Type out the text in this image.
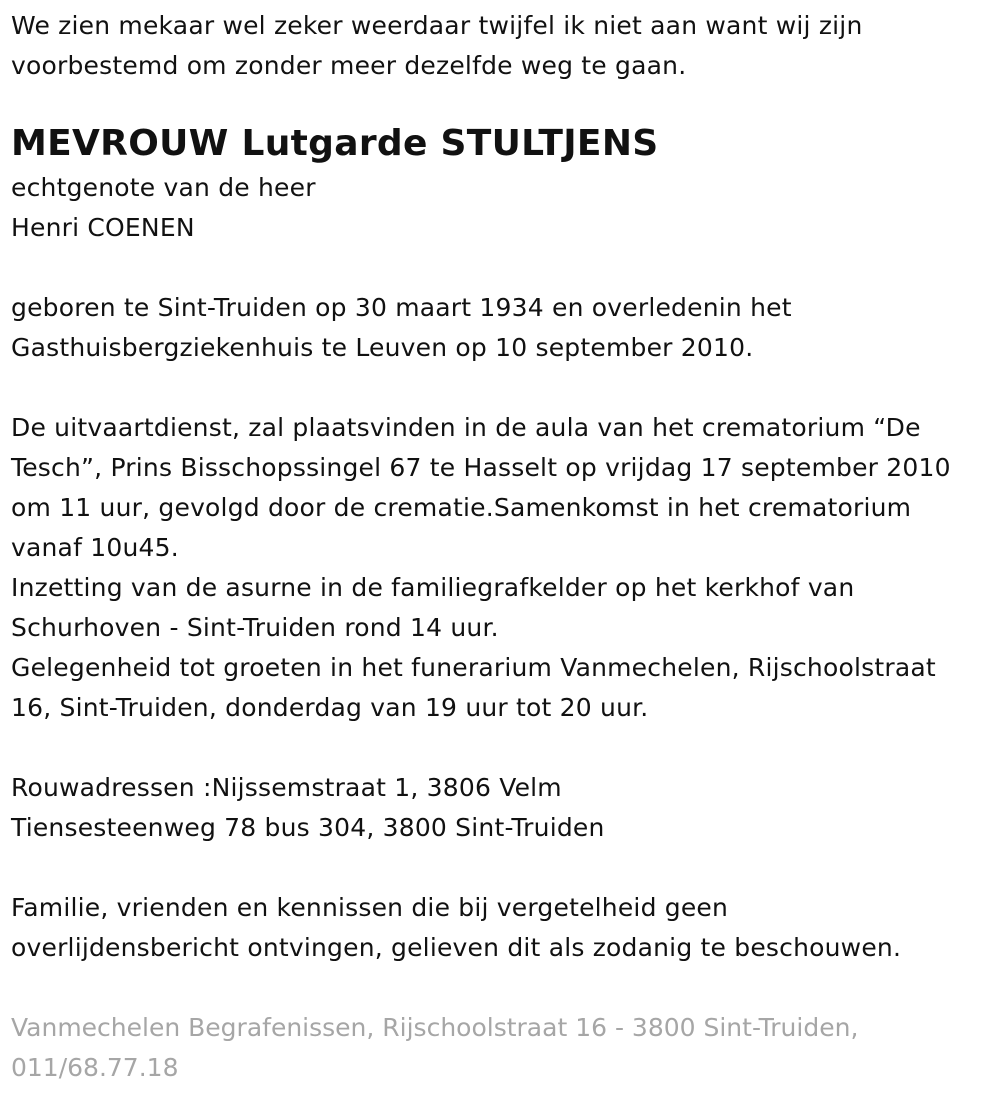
We zien mekaar wel zeker weerdaar twijfel ik niet aan want wij zijn
voorbestemd om zonder meer dezelfde weg te gaan.

MEVROUW Lutgarde STULTJENS

echtgenote van de heer
Henri COENEN

geboren te Sint-Truiden op 30 maart 1934 en overledenin het
Gasthuisbergziekenhuis te Leuven op 10 september 2010.

De uitvaartdienst, zal plaatsvinden in de aula van het crematorium “De
Tesch”, Prins Bisschopssingel 67 te Hasselt op vrijdag 17 september 2010
om 11 uur, gevolgd door de crematie.Samenkomst in het crematorium
vanaf 10u45.
Inzetting van de asurne in de familiegrafkelder op het kerkhof van
Schurhoven - Sint-Truiden rond 14 uur.
Gelegenheid tot groeten in het funerarium Vanmechelen, Rijschoolstraat
16, Sint-Truiden, donderdag van 19 uur tot 20 uur.

Rouwadressen :Nijssemstraat 1, 3806 Velm
Tiensesteenweg 78 bus 304, 3800 Sint-Truiden

Familie, vrienden en kennissen die bij vergetelheid geen
overlijdensbericht ontvingen, gelieven dit als zodanig te beschouwen.

Vanmechelen Begrafenissen, Rijschoolstraat 16 - 3800 Sint-Truiden,
011/68.77.18
